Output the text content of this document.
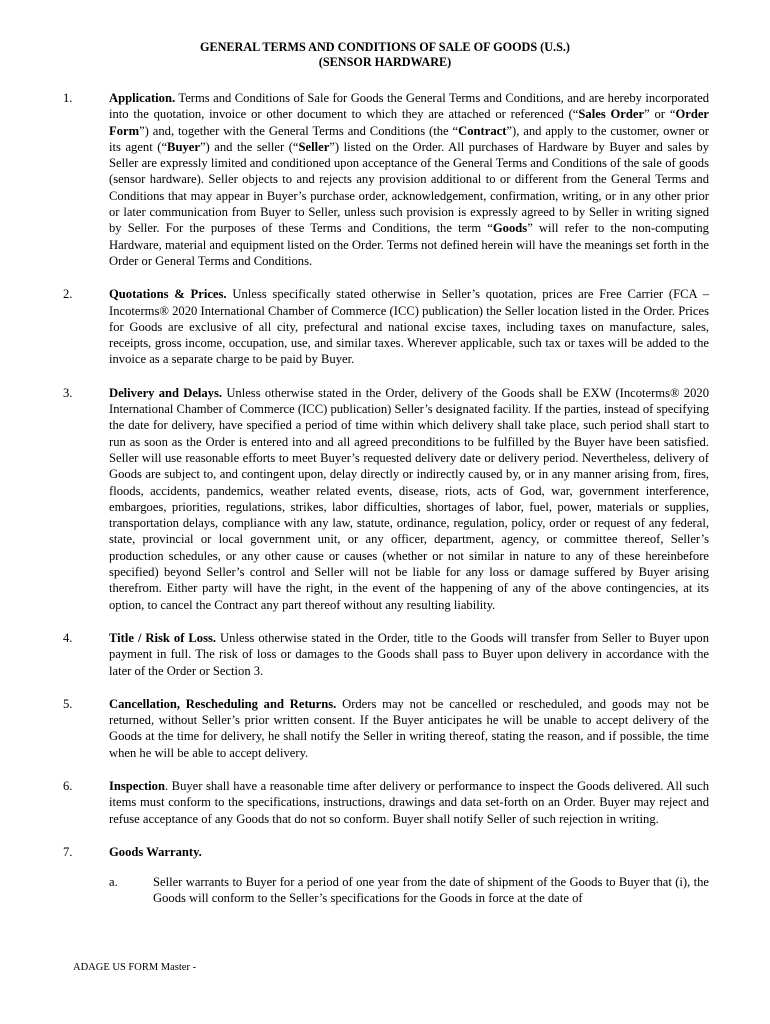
GENERAL TERMS AND CONDITIONS OF SALE OF GOODS (U.S.)
(SENSOR HARDWARE)

1.	Application. Terms and Conditions of Sale for Goods the General Terms and Conditions, and are hereby incorporated into the quotation, invoice or other document to which they are attached or referenced (“Sales Order” or “Order Form”) and, together with the General Terms and Conditions (the “Contract”), and apply to the customer, owner or its agent (“Buyer”) and the seller (“Seller”) listed on the Order. All purchases of Hardware by Buyer and sales by Seller are expressly limited and conditioned upon acceptance of the General Terms and Conditions of the sale of goods (sensor hardware). Seller objects to and rejects any provision additional to or different from the General Terms and Conditions that may appear in Buyer’s purchase order, acknowledgement, confirmation, writing, or in any other prior or later communication from Buyer to Seller, unless such provision is expressly agreed to by Seller in writing signed by Seller. For the purposes of these Terms and Conditions, the term “Goods” will refer to the non-computing Hardware, material and equipment listed on the Order. Terms not defined herein will have the meanings set forth in the Order or General Terms and Conditions.

2.	Quotations & Prices. Unless specifically stated otherwise in Seller’s quotation, prices are Free Carrier (FCA – Incoterms® 2020 International Chamber of Commerce (ICC) publication) the Seller location listed in the Order. Prices for Goods are exclusive of all city, prefectural and national excise taxes, including taxes on manufacture, sales, receipts, gross income, occupation, use, and similar taxes. Wherever applicable, such tax or taxes will be added to the invoice as a separate charge to be paid by Buyer.

3.	Delivery and Delays. Unless otherwise stated in the Order, delivery of the Goods shall be EXW (Incoterms® 2020 International Chamber of Commerce (ICC) publication) Seller’s designated facility. If the parties, instead of specifying the date for delivery, have specified a period of time within which delivery shall take place, such period shall start to run as soon as the Order is entered into and all agreed preconditions to be fulfilled by the Buyer have been satisfied. Seller will use reasonable efforts to meet Buyer’s requested delivery date or delivery period. Nevertheless, delivery of Goods are subject to, and contingent upon, delay directly or indirectly caused by, or in any manner arising from, fires, floods, accidents, pandemics, weather related events, disease, riots, acts of God, war, government interference, embargoes, priorities, regulations, strikes, labor difficulties, shortages of labor, fuel, power, materials or supplies, transportation delays, compliance with any law, statute, ordinance, regulation, policy, order or request of any federal, state, provincial or local government unit, or any officer, department, agency, or committee thereof, Seller’s production schedules, or any other cause or causes (whether or not similar in nature to any of these hereinbefore specified) beyond Seller’s control and Seller will not be liable for any loss or damage suffered by Buyer arising therefrom. Either party will have the right, in the event of the happening of any of the above contingencies, at its option, to cancel the Contract any part thereof without any resulting liability.

4.	Title / Risk of Loss. Unless otherwise stated in the Order, title to the Goods will transfer from Seller to Buyer upon payment in full. The risk of loss or damages to the Goods shall pass to Buyer upon delivery in accordance with the later of the Order or Section 3.

5.	Cancellation, Rescheduling and Returns. Orders may not be cancelled or rescheduled, and goods may not be returned, without Seller’s prior written consent. If the Buyer anticipates he will be unable to accept delivery of the Goods at the time for delivery, he shall notify the Seller in writing thereof, stating the reason, and if possible, the time when he will be able to accept delivery.

6.	Inspection. Buyer shall have a reasonable time after delivery or performance to inspect the Goods delivered. All such items must conform to the specifications, instructions, drawings and data set-forth on an Order. Buyer may reject and refuse acceptance of any Goods that do not so conform. Buyer shall notify Seller of such rejection in writing.

7.	Goods Warranty.

a.	Seller warrants to Buyer for a period of one year from the date of shipment of the Goods to Buyer that (i), the Goods will conform to the Seller’s specifications for the Goods in force at the date of

ADAGE US FORM Master -
